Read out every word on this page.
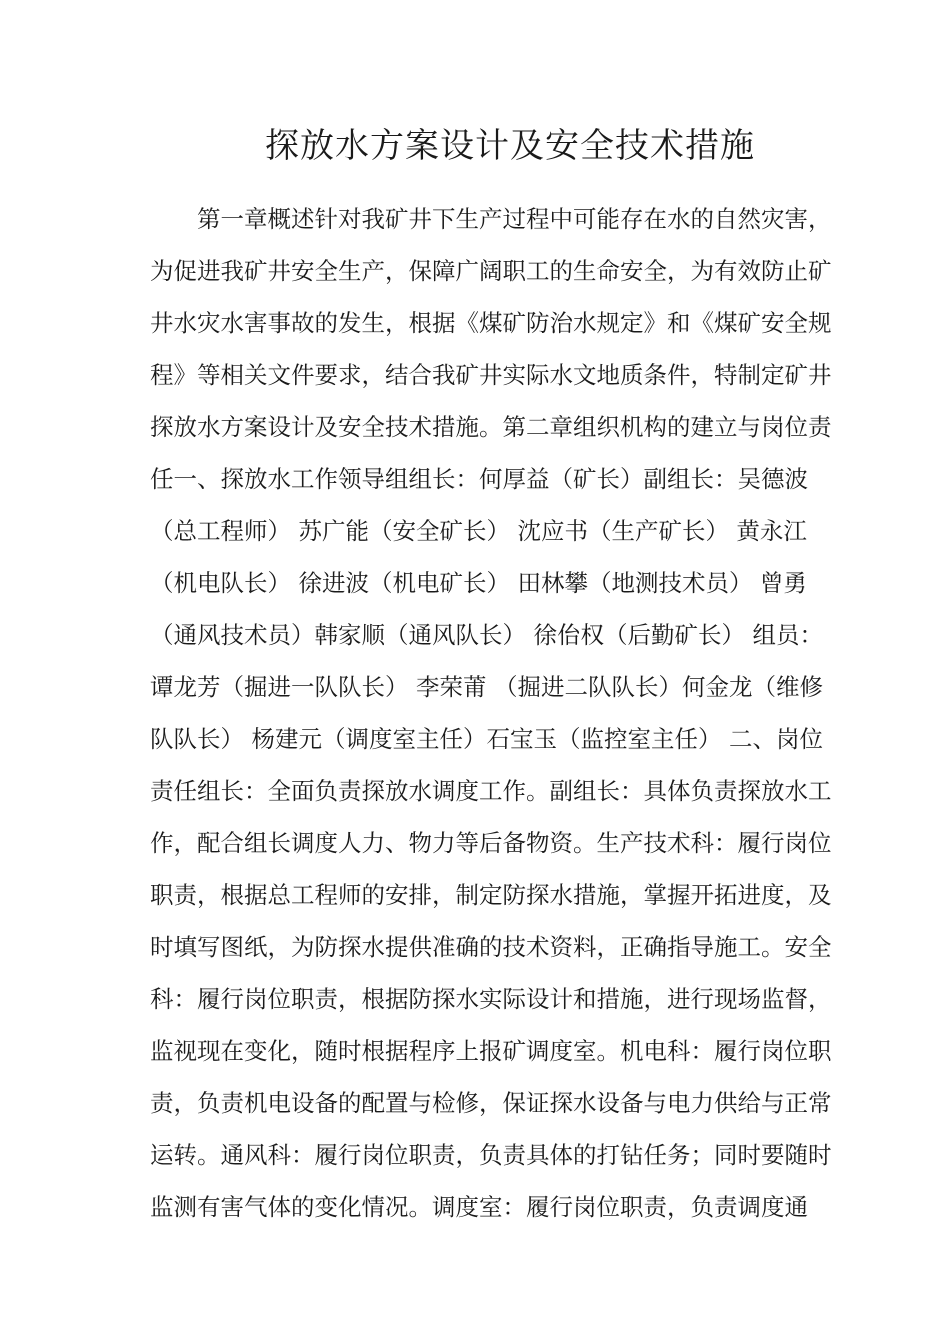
探放水方案设计及安全技术措施
第一章概述针对我矿井下生产过程中可能存在水的自然灾害，
为促进我矿井安全生产，保障广阔职工的生命安全，为有效防止矿
井水灾水害事故的发生，根据《煤矿防治水规定》和《煤矿安全规
程》等相关文件要求，结合我矿井实际水文地质条件，特制定矿井
探放水方案设计及安全技术措施。第二章组织机构的建立与岗位责
任一、探放水工作领导组组长：何厚益（矿长）副组长：吴德波
（总工程师） 苏广能（安全矿长） 沈应书（生产矿长） 黄永江
（机电队长） 徐进波（机电矿长） 田林攀（地测技术员） 曾勇
（通风技术员）韩家顺（通风队长） 徐佁权（后勤矿长） 组员：
谭龙芳（掘进一队队长） 李荣莆 （掘进二队队长）何金龙（维修
队队长） 杨建元（调度室主任）石宝玉（监控室主任） 二、岗位
责任组长：全面负责探放水调度工作。副组长：具体负责探放水工
作，配合组长调度人力、物力等后备物资。生产技术科：履行岗位
职责，根据总工程师的安排，制定防探水措施，掌握开拓进度，及
时填写图纸，为防探水提供准确的技术资料，正确指导施工。安全
科：履行岗位职责，根据防探水实际设计和措施，进行现场监督，
监视现在变化，随时根据程序上报矿调度室。机电科：履行岗位职
责，负责机电设备的配置与检修，保证探水设备与电力供给与正常
运转。通风科：履行岗位职责，负责具体的打钻任务；同时要随时
监测有害气体的变化情况。调度室：履行岗位职责，负责调度通
